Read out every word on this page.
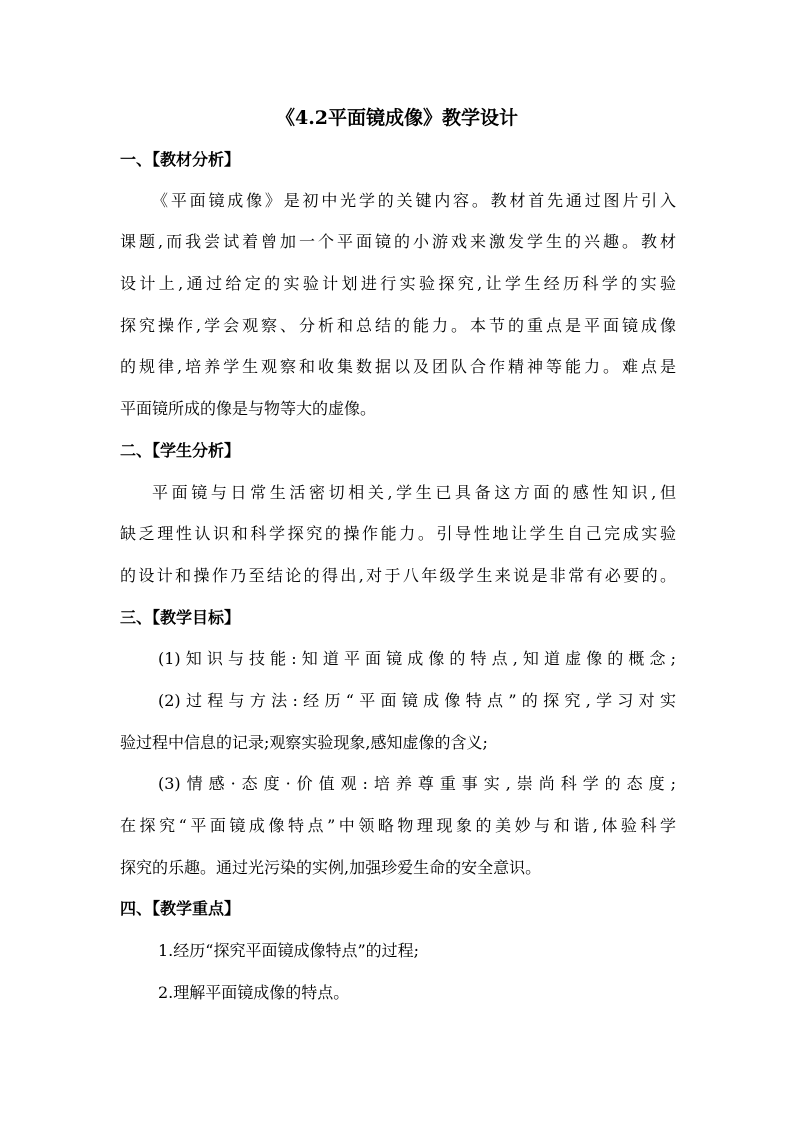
《4.2平面镜成像》教学设计
一、【教材分析】
《平面镜成像》是初中光学的关键内容。教材首先通过图片引入
课题,而我尝试着曾加一个平面镜的小游戏来激发学生的兴趣。教材
设计上,通过给定的实验计划进行实验探究,让学生经历科学的实验
探究操作,学会观察、分析和总结的能力。本节的重点是平面镜成像
的规律,培养学生观察和收集数据以及团队合作精神等能力。难点是
平面镜所成的像是与物等大的虚像。
二、【学生分析】
平面镜与日常生活密切相关,学生已具备这方面的感性知识,但
缺乏理性认识和科学探究的操作能力。引导性地让学生自己完成实验
的设计和操作乃至结论的得出,对于八年级学生来说是非常有必要的。
三、【教学目标】
(1)知识与技能:知道平面镜成像的特点,知道虚像的概念;
(2)过程与方法:经历“平面镜成像特点”的探究,学习对实
验过程中信息的记录;观察实验现象,感知虚像的含义;
(3)情感·态度·价值观:培养尊重事实,崇尚科学的态度;
在探究“平面镜成像特点”中领略物理现象的美妙与和谐,体验科学
探究的乐趣。通过光污染的实例,加强珍爱生命的安全意识。
四、【教学重点】
1.经历“探究平面镜成像特点”的过程;
2.理解平面镜成像的特点。
